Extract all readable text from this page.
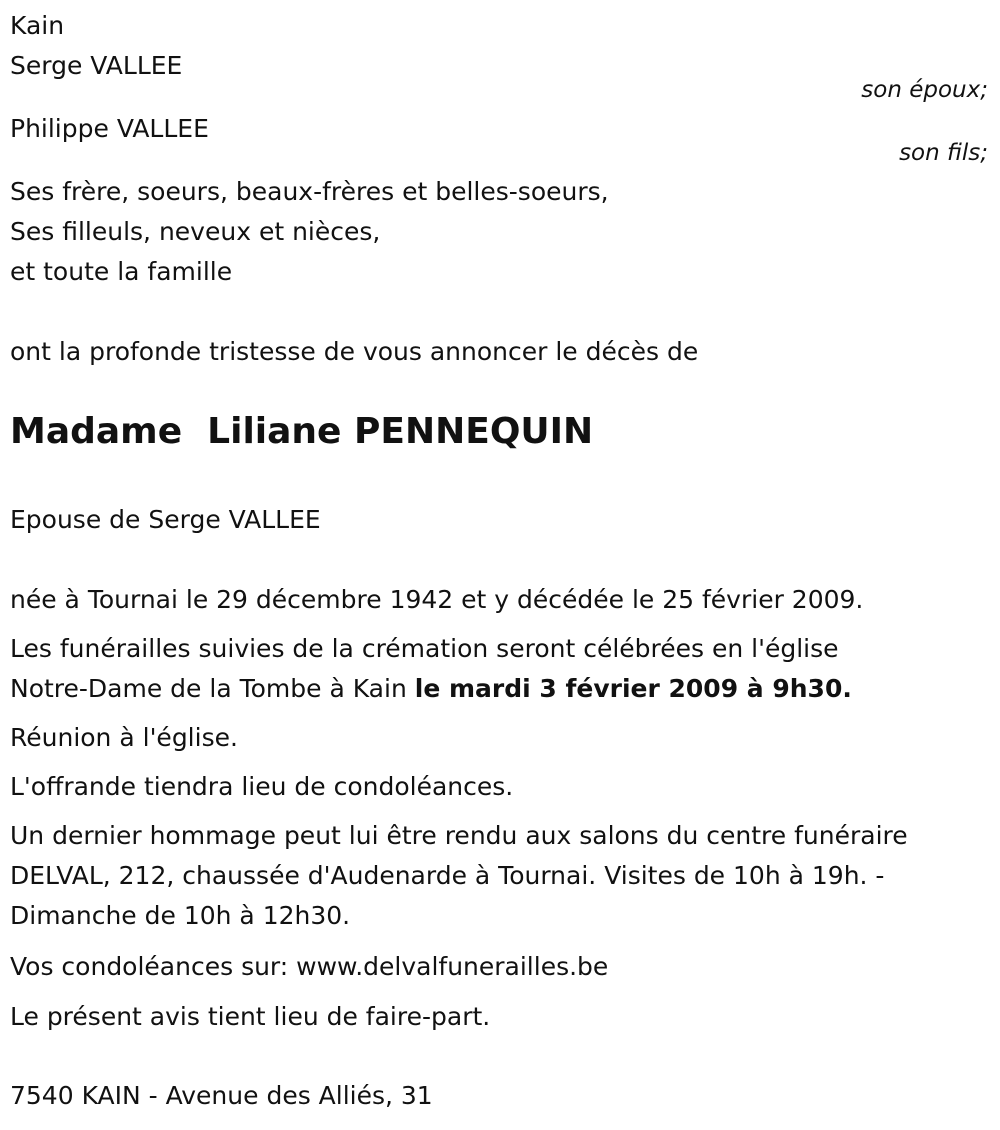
Kain
Serge VALLEE
son époux;
Philippe VALLEE
son fils;
Ses frère, soeurs, beaux-frères et belles-soeurs,
Ses filleuls, neveux et nièces,
et toute la famille
ont la profonde tristesse de vous annoncer le décès de
Madame  Liliane PENNEQUIN
Epouse de Serge VALLEE
née à Tournai le 29 décembre 1942 et y décédée le 25 février 2009.
Les funérailles suivies de la crémation seront célébrées en l'église
Notre-Dame de la Tombe à Kain le mardi 3 février 2009 à 9h30.
Réunion à l'église.
L'offrande tiendra lieu de condoléances.
Un dernier hommage peut lui être rendu aux salons du centre funéraire
DELVAL, 212, chaussée d'Audenarde à Tournai. Visites de 10h à 19h. -
Dimanche de 10h à 12h30.
Vos condoléances sur: www.delvalfunerailles.be
Le présent avis tient lieu de faire-part.
7540 KAIN - Avenue des Alliés, 31
